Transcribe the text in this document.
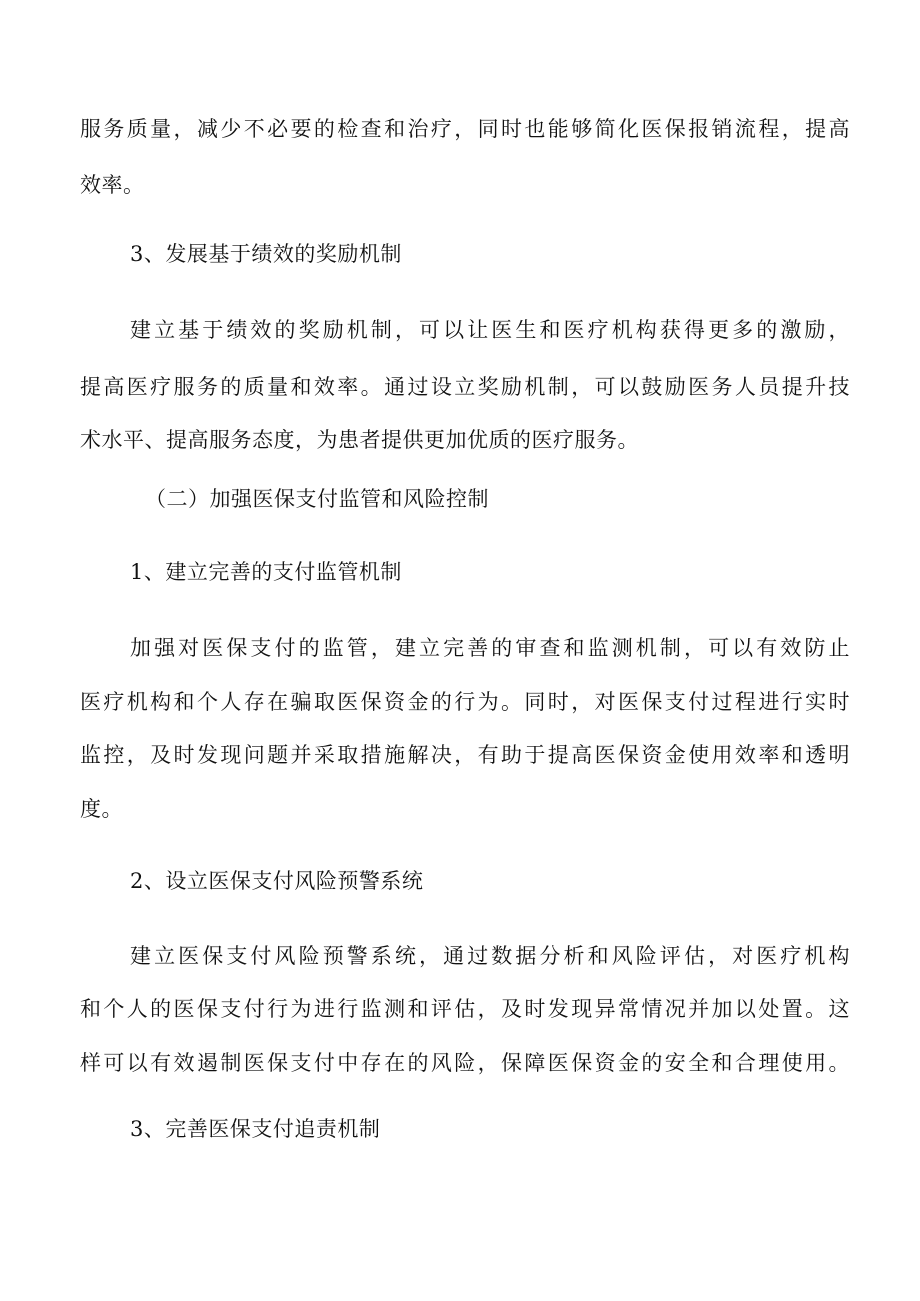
服务质量，减少不必要的检查和治疗，同时也能够简化医保报销流程，提高
效率。
3、发展基于绩效的奖励机制
建立基于绩效的奖励机制，可以让医生和医疗机构获得更多的激励，
提高医疗服务的质量和效率。通过设立奖励机制，可以鼓励医务人员提升技
术水平、提高服务态度，为患者提供更加优质的医疗服务。
（二）加强医保支付监管和风险控制
1、建立完善的支付监管机制
加强对医保支付的监管，建立完善的审查和监测机制，可以有效防止
医疗机构和个人存在骗取医保资金的行为。同时，对医保支付过程进行实时
监控，及时发现问题并采取措施解决，有助于提高医保资金使用效率和透明
度。
2、设立医保支付风险预警系统
建立医保支付风险预警系统，通过数据分析和风险评估，对医疗机构
和个人的医保支付行为进行监测和评估，及时发现异常情况并加以处置。这
样可以有效遏制医保支付中存在的风险，保障医保资金的安全和合理使用。
3、完善医保支付追责机制
